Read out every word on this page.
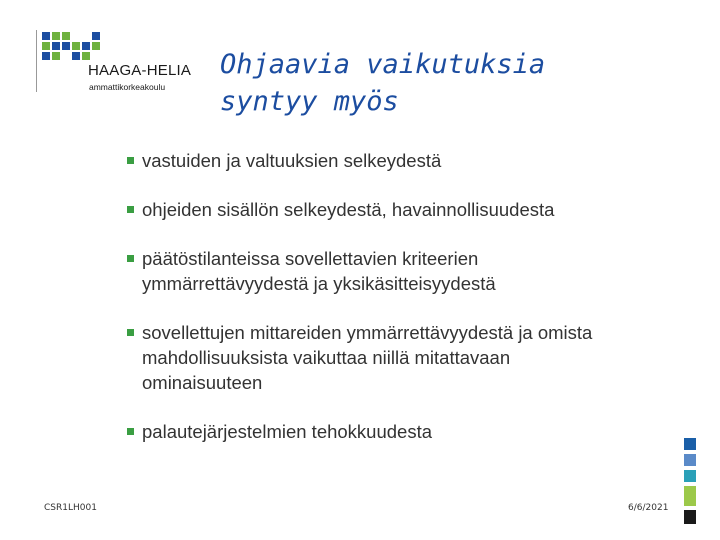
HAAGA-HELIA
ammattikorkeakoulu
Ohjaavia vaikutuksia
syntyy myös
vastuiden ja valtuuksien selkeydestä
ohjeiden sisällön selkeydestä, havainnollisuudesta
päätöstilanteissa sovellettavien kriteerien
ymmärrettävyydestä ja yksikäsitteisyydestä
sovellettujen mittareiden ymmärrettävyydestä ja omista
mahdollisuuksista vaikuttaa niillä mitattavaan
ominaisuuteen
palautejärjestelmien tehokkuudesta
CSR1LH001	6/6/2021
